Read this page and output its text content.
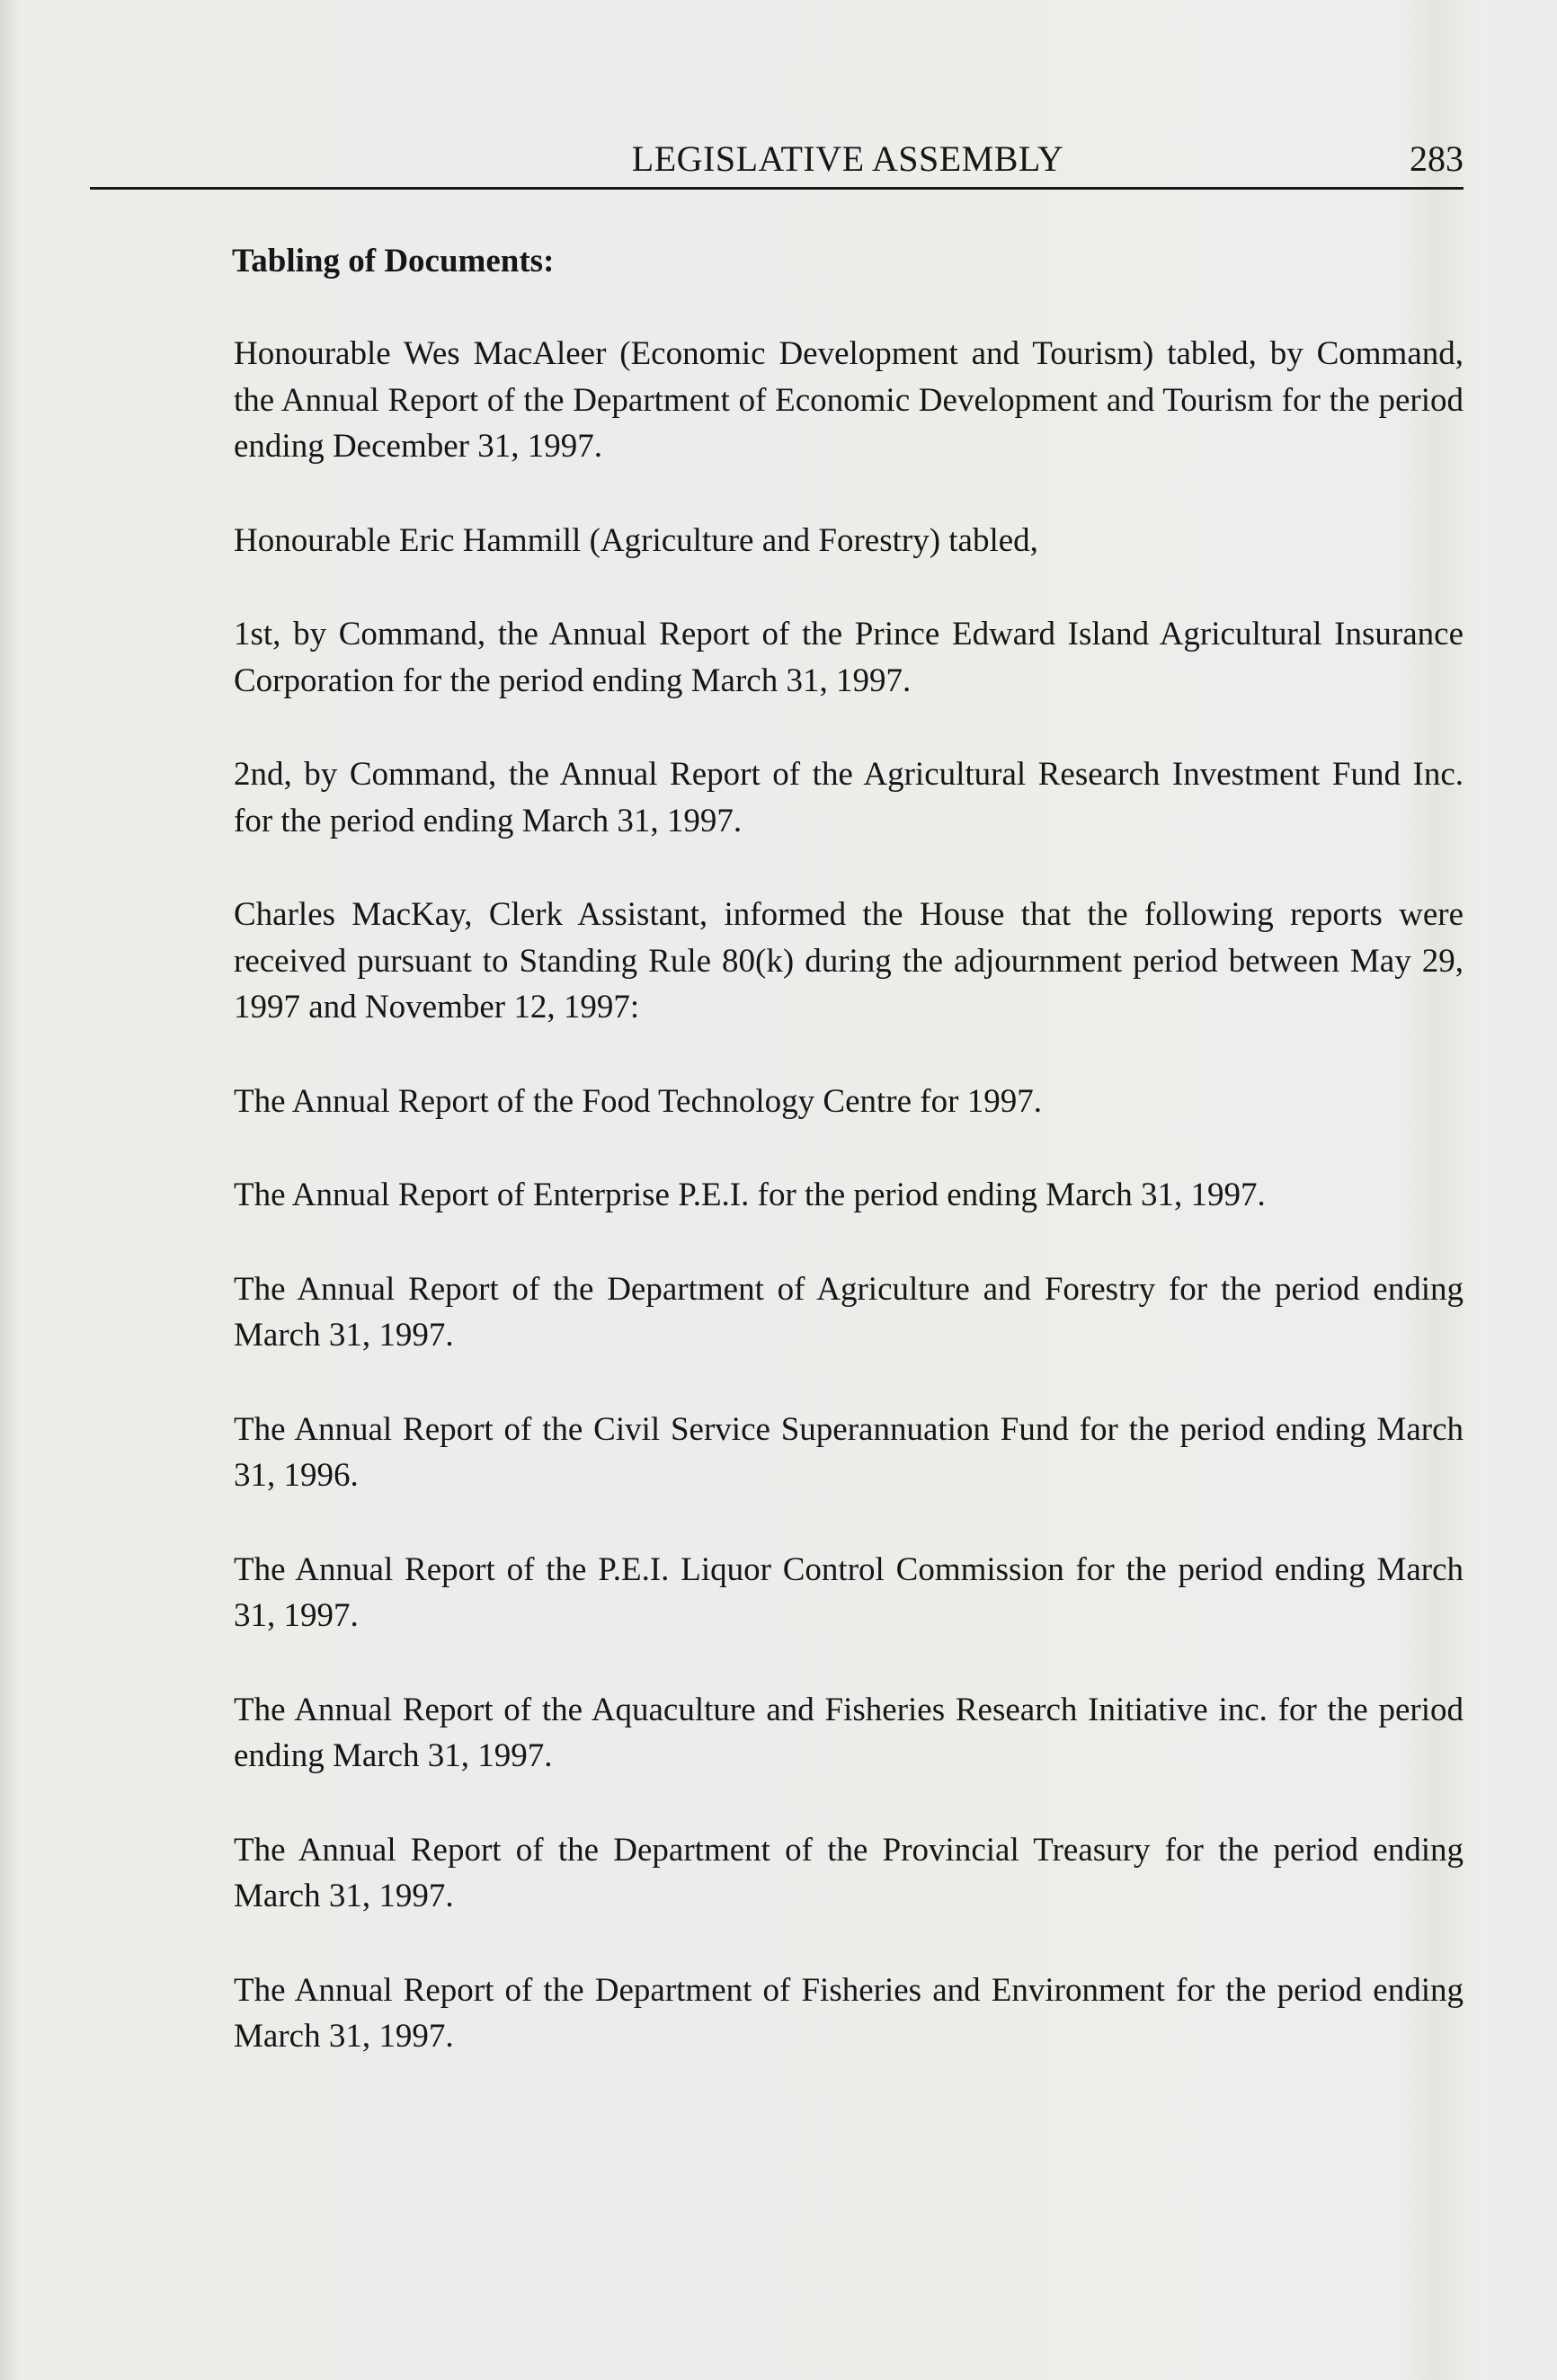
LEGISLATIVE ASSEMBLY	283
Tabling of Documents:

Honourable Wes MacAleer (Economic Development and Tourism) tabled, by Command, the Annual Report of the Department of Economic Development and Tourism for the period ending December 31, 1997.

Honourable Eric Hammill (Agriculture and Forestry) tabled,

1st, by Command, the Annual Report of the Prince Edward Island Agricultural Insurance Corporation for the period ending March 31, 1997.

2nd, by Command, the Annual Report of the Agricultural Research Investment Fund Inc. for the period ending March 31, 1997.

Charles MacKay, Clerk Assistant, informed the House that the following reports were received pursuant to Standing Rule 80(k) during the adjournment period between May 29, 1997 and November 12, 1997:

The Annual Report of the Food Technology Centre for 1997.

The Annual Report of Enterprise P.E.I. for the period ending March 31, 1997.

The Annual Report of the Department of Agriculture and Forestry for the period ending March 31, 1997.

The Annual Report of the Civil Service Superannuation Fund for the period ending March 31, 1996.

The Annual Report of the P.E.I. Liquor Control Commission for the period ending March 31, 1997.

The Annual Report of the Aquaculture and Fisheries Research Initiative inc. for the period ending March 31, 1997.

The Annual Report of the Department of the Provincial Treasury for the period ending March 31, 1997.

The Annual Report of the Department of Fisheries and Environment for the period ending March 31, 1997.
